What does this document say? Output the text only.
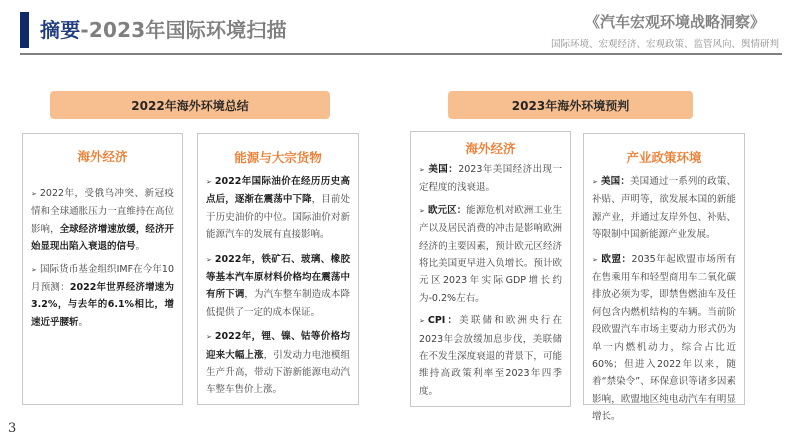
摘要-2023年国际环境扫描	《汽车宏观环境战略洞察》
国际环境、宏观经济、宏观政策、监管风向、舆情研判
2022年海外环境总结	2023年海外环境预判
海外经济
➢ 2022年，受俄乌冲突、新冠疫情和全球通胀压力一直维持在高位影响，全球经济增速放缓，经济开始显现出陷入衰退的信号。
➢ 国际货币基金组织IMF在今年10月预测：2022年世界经济增速为3.2%，与去年的6.1%相比，增速近乎腰斩。
能源与大宗货物
➢ 2022年国际油价在经历历史高点后，逐渐在震荡中下降，目前处于历史油价的中位。国际油价对新能源汽车的发展有直接影响。
➢ 2022年，铁矿石、玻璃、橡胶等基本汽车原材料价格均在震荡中有所下调，为汽车整车制造成本降低提供了一定的成本保证。
➢ 2022年，锂、镍、钴等价格均迎来大幅上涨，引发动力电池模组生产升高，带动下游新能源电动汽车整车售价上涨。
海外经济
➢ 美国：2023年美国经济出现一定程度的浅衰退。
➢ 欧元区：能源危机对欧洲工业生产以及居民消费的冲击是影响欧洲经济的主要因素，预计欧元区经济将比美国更早进入负增长。预计欧元区2023年实际GDP增长约为-0.2%左右。
➢ CPI：美联储和欧洲央行在2023年会放缓加息步伐，美联储在不发生深度衰退的背景下，可能维持高政策利率至2023年四季度。
产业政策环境
➢ 美国：美国通过一系列的政策、补贴、声明等，欲发展本国的新能源产业，并通过友岸外包、补贴、等限制中国新能源产业发展。
➢ 欧盟：2035年起欧盟市场所有在售乘用车和轻型商用车二氧化碳排放必须为零，即禁售燃油车及任何包含内燃机结构的车辆。当前阶段欧盟汽车市场主要动力形式仍为单一内燃机动力，综合占比近60%；但进入2022年以来，随着“禁染令”、环保意识等诸多因素影响，欧盟地区纯电动汽车有明显增长。
3
